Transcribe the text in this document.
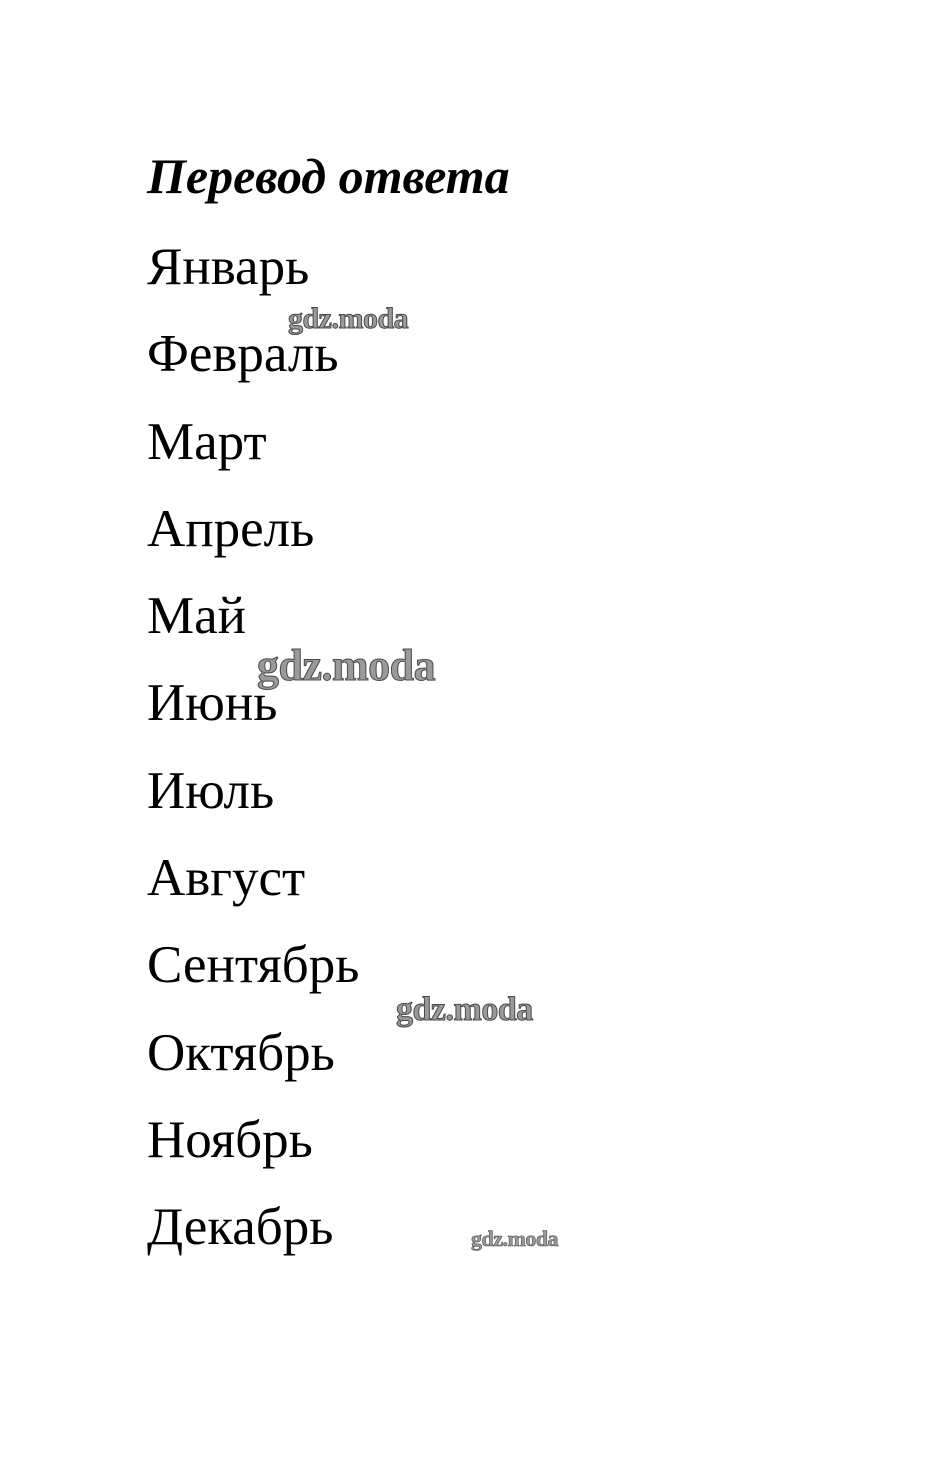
Перевод ответа
Январь
Февраль
Март
Апрель
Май
Июнь
Июль
Август
Сентябрь
Октябрь
Ноябрь
Декабрь
gdz.moda
gdz.moda
gdz.moda
gdz.moda
